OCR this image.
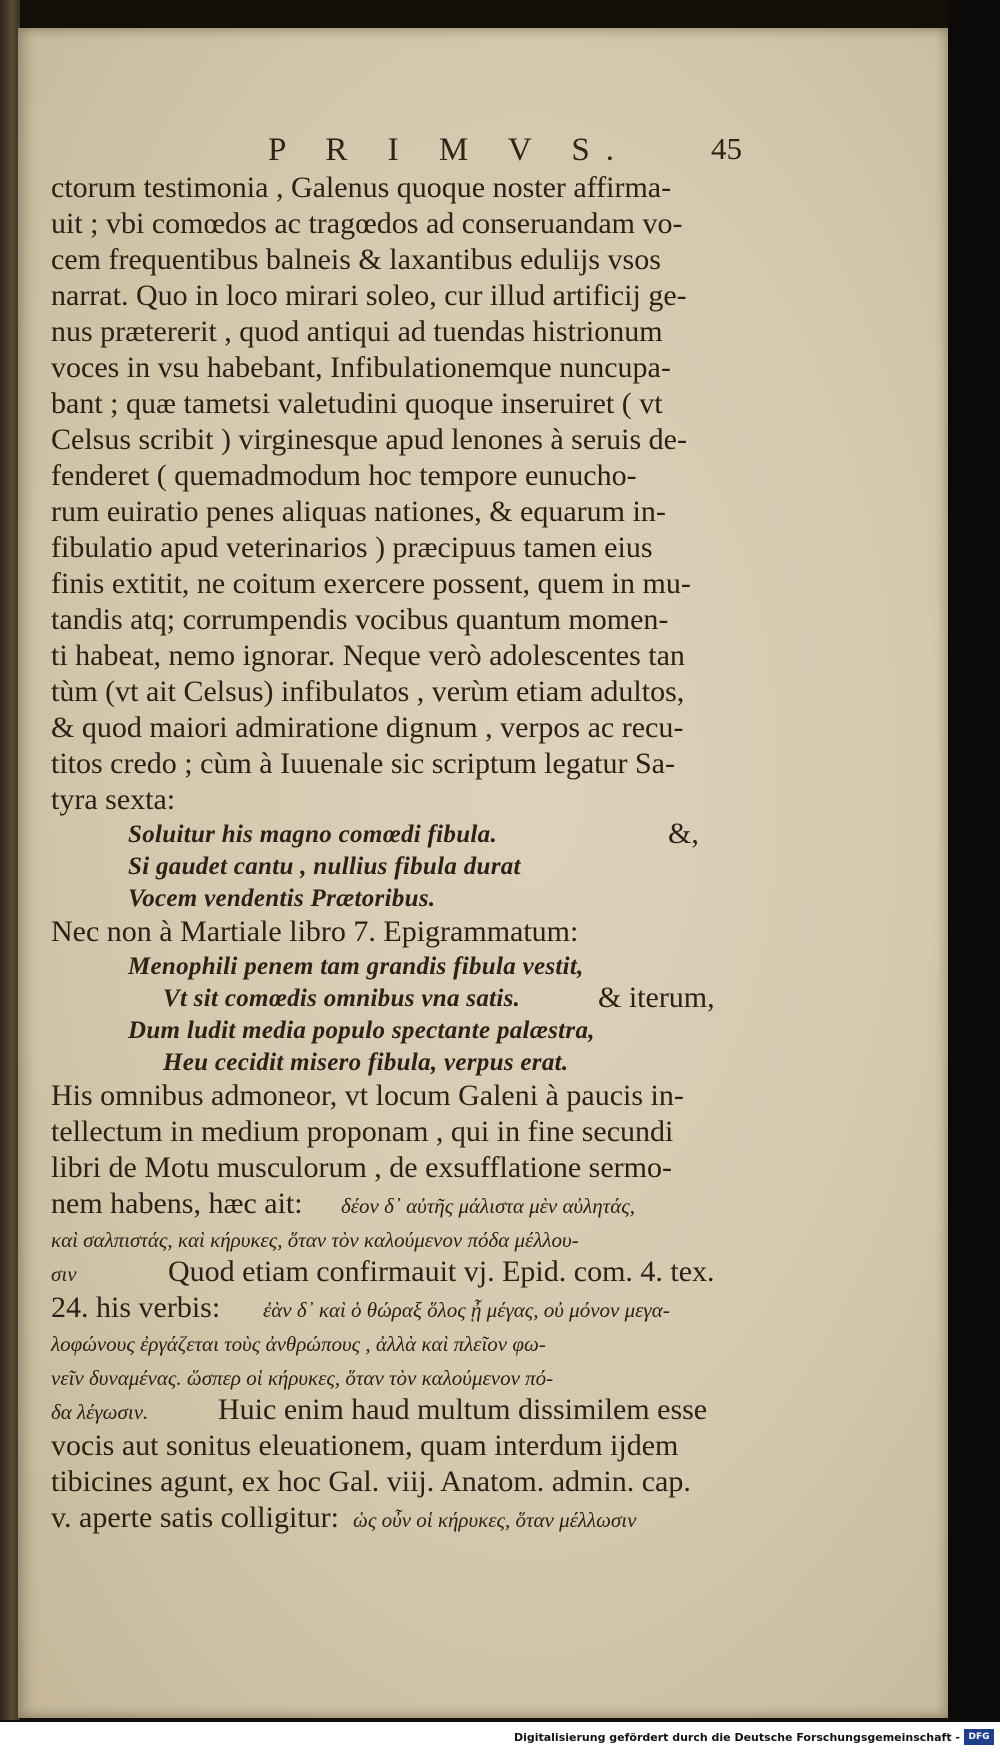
P R I M V S.	45
ctorum testimonia , Galenus quoque noster affirma-
uit ; vbi comœdos ac tragœdos ad conseruandam vo-
cem frequentibus balneis & laxantibus edulijs vsos
narrat. Quo in loco mirari soleo, cur illud artificij ge-
nus prætererit , quod antiqui ad tuendas histrionum
voces in vsu habebant, Infibulationemque nuncupa-
bant ; quæ tametsi valetudini quoque inseruiret ( vt
Celsus scribit ) virginesque apud lenones à seruis de-
fenderet ( quemadmodum hoc tempore eunucho-
rum euiratio penes aliquas nationes, & equarum in-
fibulatio apud veterinarios ) præcipuus tamen eius
finis extitit, ne coitum exercere possent, quem in mu-
tandis atq; corrumpendis vocibus quantum momen-
ti habeat, nemo ignorar. Neque verò adolescentes tan
tùm (vt ait Celsus) infibulatos , verùm etiam adultos,
& quod maiori admiratione dignum , verpos ac recu-
titos credo ; cùm à Iuuenale sic scriptum legatur Sa-
tyra sexta:
Soluitur his magno comœdi fibula.	&,
Si gaudet cantu , nullius fibula durat
Vocem vendentis Prætoribus.
Nec non à Martiale libro 7. Epigrammatum:
Menophili penem tam grandis fibula vestit,
Vt sit comœdis omnibus vna satis.	& iterum,
Dum ludit media populo spectante palæstra,
Heu cecidit misero fibula, verpus erat.
His omnibus admoneor, vt locum Galeni à paucis in-
tellectum in medium proponam , qui in fine secundi
libri de Motu musculorum , de exsufflatione sermo-
nem habens, hæc ait: δέον δ᾽ αὐτῆς μάλιστα μὲν αὐλητάς,
καὶ σαλπιστάς, καὶ κήρυκες, ὅταν τὸν καλούμενον πόδα μέλλου-
σιν	Quod etiam confirmauit vj. Epid. com. 4. tex.
24. his verbis: ἐὰν δ᾽ καὶ ὁ θώραξ ὅλος ᾖ μέγας, οὐ μόνον μεγα-
λοφώνους ἐργάζεται τοὺς ἀνθρώπους , ἀλλὰ καὶ πλεῖον φω-
νεῖν δυναμένας. ὥσπερ οἱ κήρυκες, ὅταν τὸν καλούμενον πό-
δα λέγωσιν. Huic enim haud multum dissimilem esse
vocis aut sonitus eleuationem, quam interdum ijdem
tibicines agunt, ex hoc Gal. viij. Anatom. admin. cap.
v. aperte satis colligitur: ὡς οὖν οἱ κήρυκες, ὅταν μέλλωσιν
Digitalisierung gefördert durch die Deutsche Forschungsgemeinschaft - DFG
